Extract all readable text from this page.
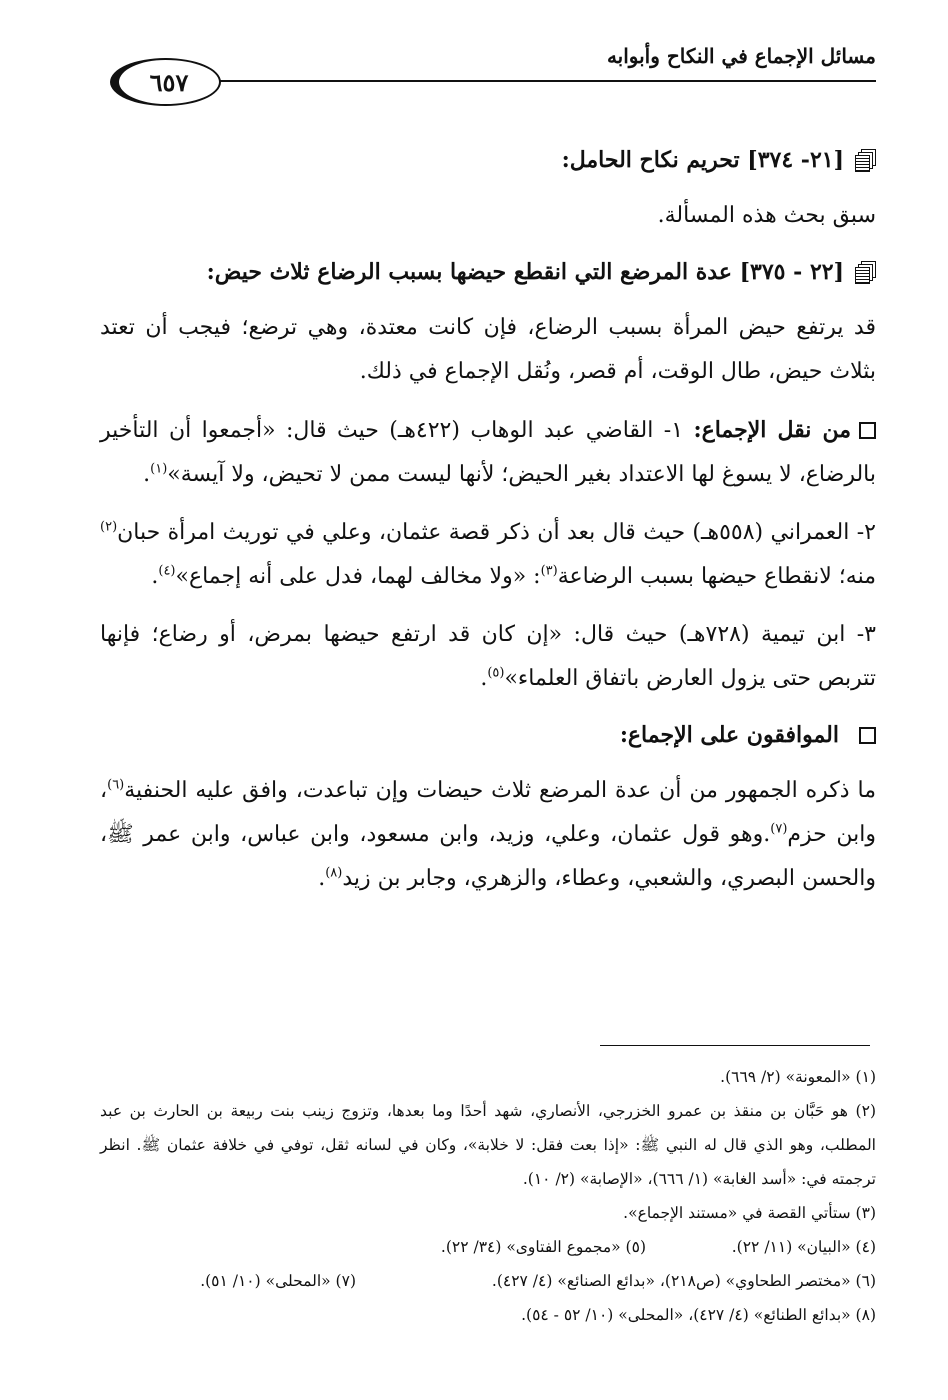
مسائل الإجماع في النكاح وأبوابه
٦٥٧
[٢١- ٣٧٤] تحريم نكاح الحامل:

سبق بحث هذه المسألة.

[٢٢ - ٣٧٥] عدة المرضع التي انقطع حيضها بسبب الرضاع ثلاث حيض:

قد يرتفع حيض المرأة بسبب الرضاع، فإن كانت معتدة، وهي ترضع؛ فيجب أن تعتد بثلاث حيض، طال الوقت، أم قصر، ونُقل الإجماع في ذلك.

من نقل الإجماع: ١- القاضي عبد الوهاب (٤٢٢هـ) حيث قال: «أجمعوا أن التأخير بالرضاع، لا يسوغ لها الاعتداد بغير الحيض؛ لأنها ليست ممن لا تحيض، ولا آيسة»$^{(١)}$.

٢- العمراني (٥٥٨هـ) حيث قال بعد أن ذكر قصة عثمان، وعلي في توريث امرأة حبان$^{(٢)}$ منه؛ لانقطاع حيضها بسبب الرضاعة$^{(٣)}$: «ولا مخالف لهما، فدل على أنه إجماع»$^{(٤)}$.

٣- ابن تيمية (٧٢٨هـ) حيث قال: «إن كان قد ارتفع حيضها بمرض، أو رضاع؛ فإنها تتربص حتى يزول العارض باتفاق العلماء»$^{(٥)}$.

الموافقون على الإجماع:

ما ذكره الجمهور من أن عدة المرضع ثلاث حيضات وإن تباعدت، وافق عليه الحنفية$^{(٦)}$، وابن حزم$^{(٧)}$.وهو قول عثمان، وعلي، وزيد، وابن مسعود، وابن عباس، وابن عمر ﷺ، والحسن البصري، والشعبي، وعطاء، والزهري، وجابر بن زيد$^{(٨)}$.

(١) «المعونة» (٢/ ٦٦٩).

(٢) هو حَبَّان بن منقذ بن عمرو الخزرجي، الأنصاري، شهد أحدًا وما بعدها، وتزوج زينب بنت ربيعة بن الحارث بن عبد المطلب، وهو الذي قال له النبي ﷺ: «إذا بعت فقل: لا خلابة»، وكان في لسانه ثقل، توفي في خلافة عثمان ﷺ. انظر ترجمته في: «أسد الغابة» (١/ ٦٦٦)، «الإصابة» (٢/ ١٠).

(٣) ستأتي القصة في «مستند الإجماع».

(٤) «البيان» (١١/ ٢٢).

(٥) «مجموع الفتاوى» (٣٤/ ٢٢).

(٦) «مختصر الطحاوي» (ص٢١٨)، «بدائع الصنائع» (٤/ ٤٢٧).

(٧) «المحلى» (١٠/ ٥١).

(٨) «بدائع الطنائع» (٤/ ٤٢٧)، «المحلى» (١٠/ ٥٢ - ٥٤).
